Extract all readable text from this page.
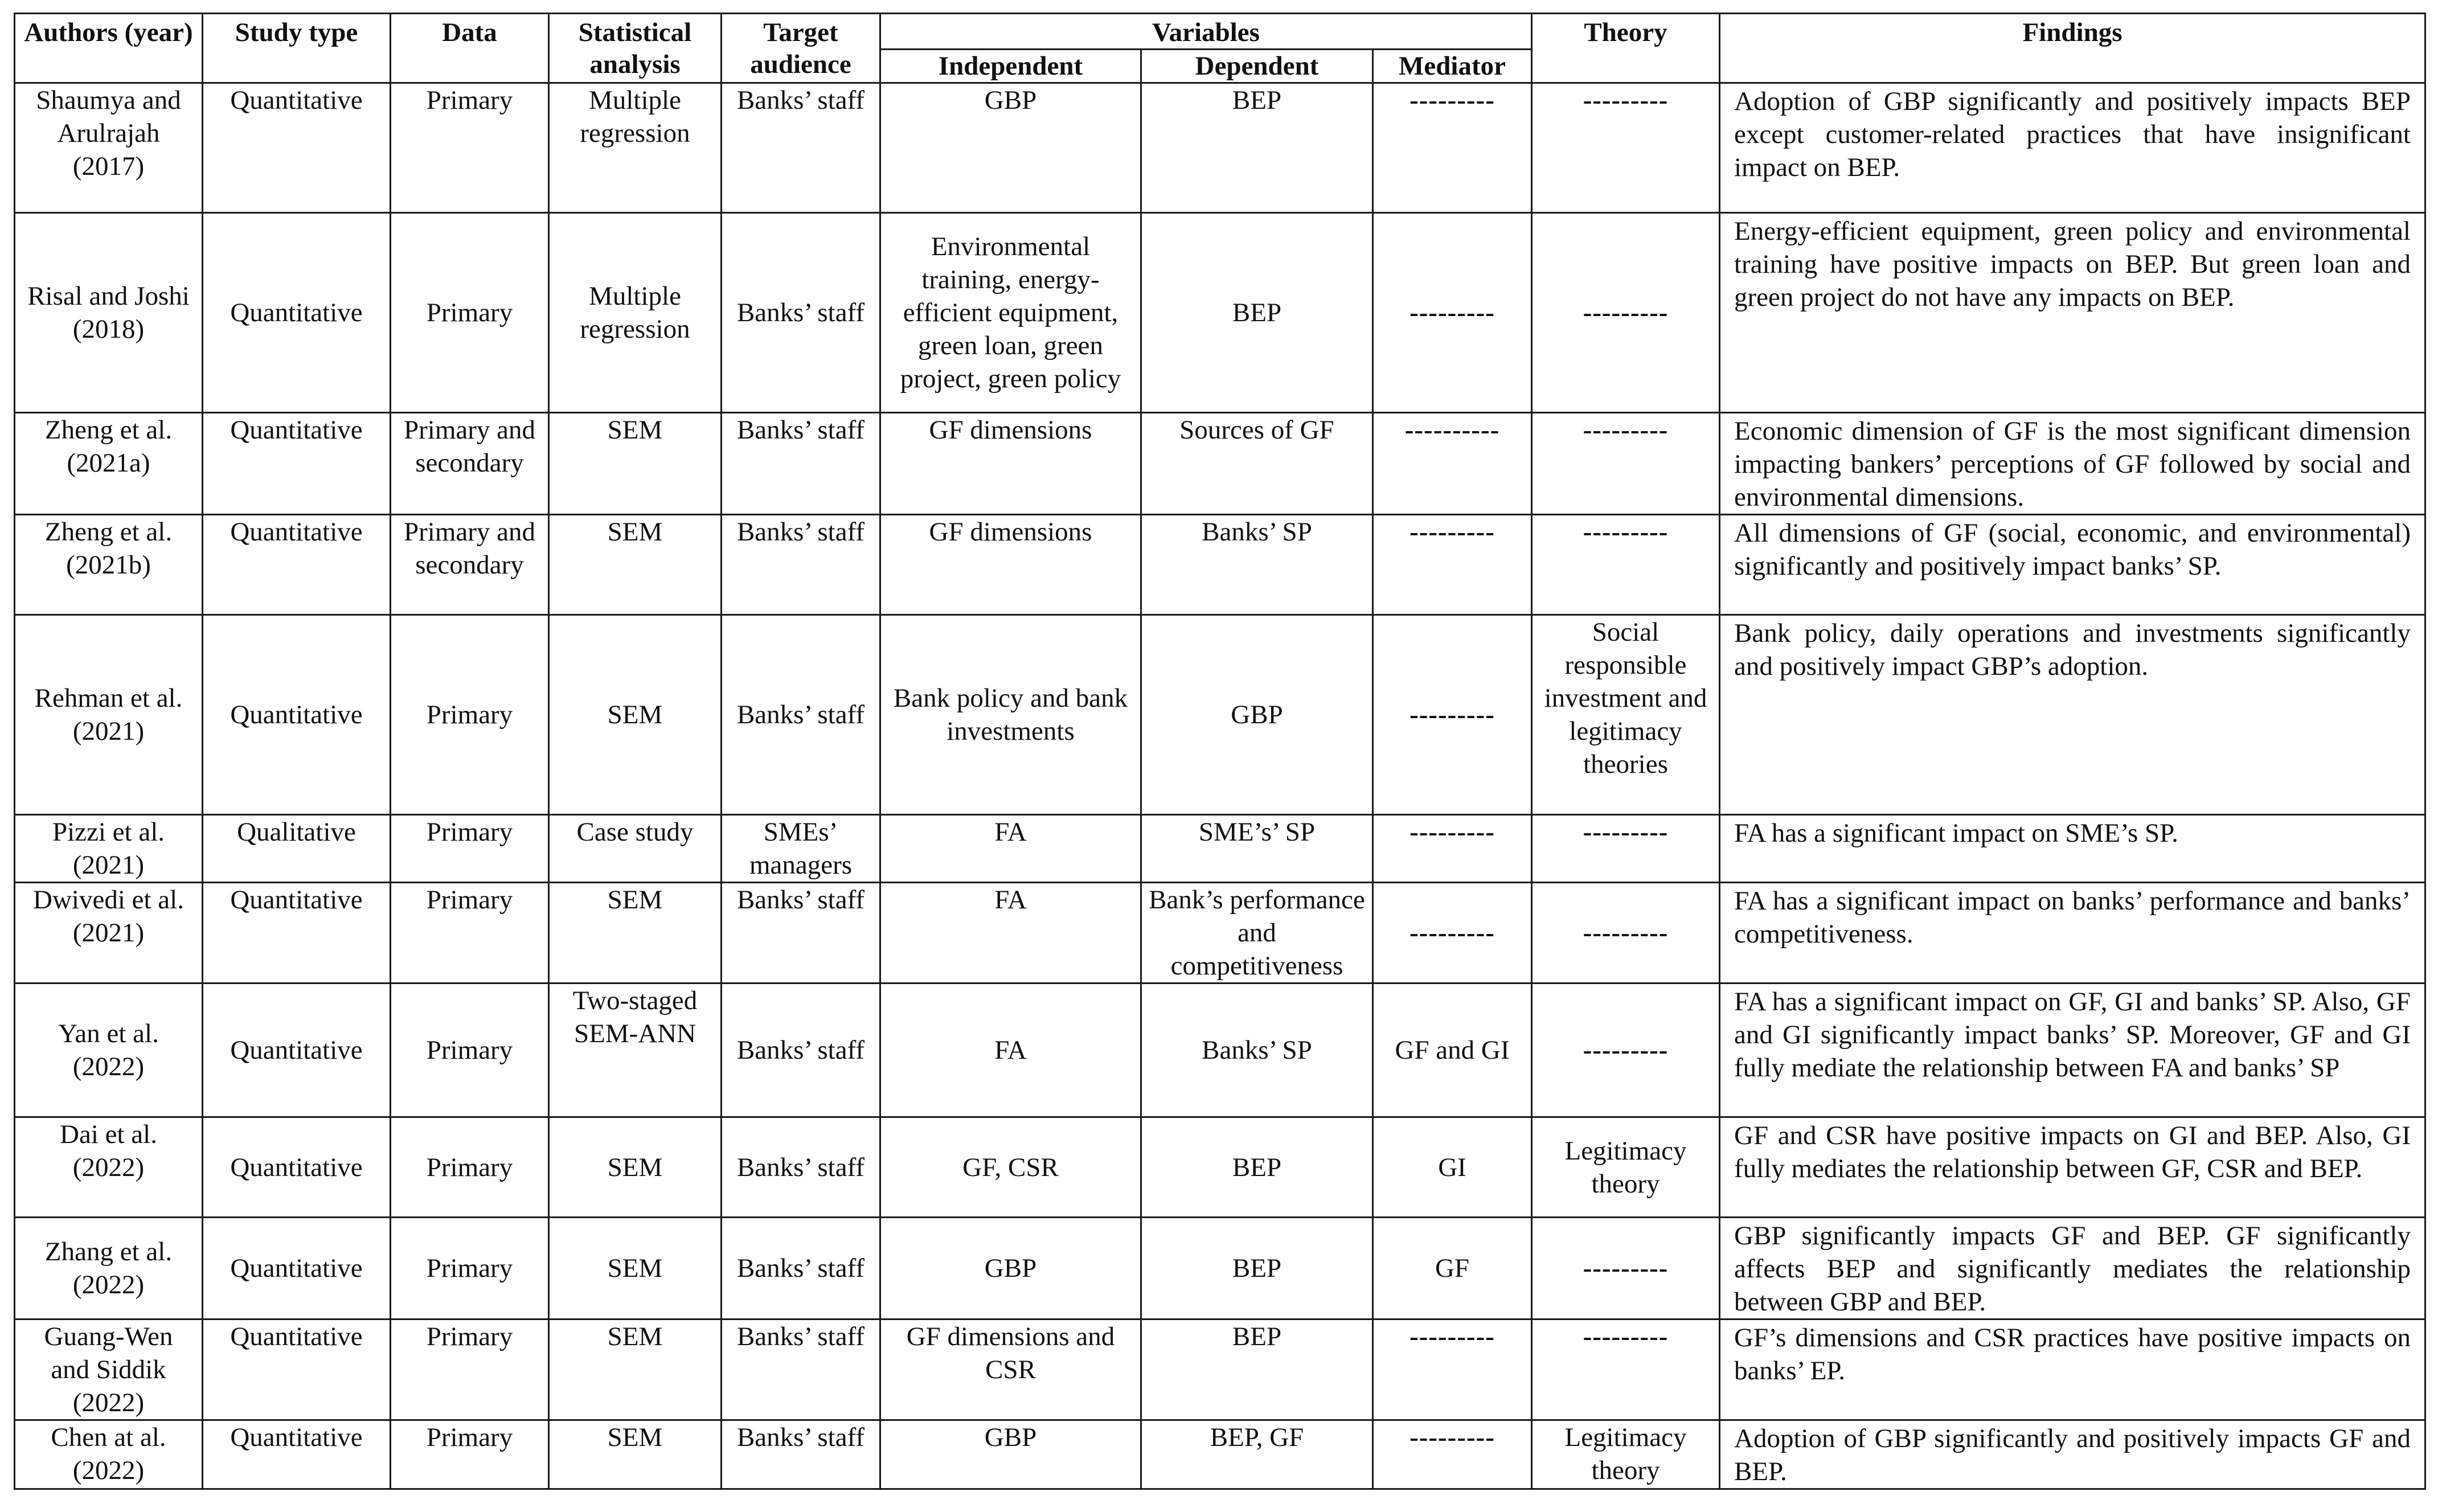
Authors (year)	Study type	Data	Statistical analysis	Target audience	Variables			Theory	Findings
					Independent	Dependent	Mediator		
Shaumya and Arulrajah (2017)	Quantitative	Primary	Multiple regression	Banks’ staff	GBP	BEP	---------	---------	Adoption of GBP significantly and positively impacts BEP except customer-related practices that have insignificant impact on BEP.
Risal and Joshi (2018)	Quantitative	Primary	Multiple regression	Banks’ staff	Environmental training, energy-efficient equipment, green loan, green project, green policy	BEP	---------	---------	Energy-efficient equipment, green policy and environmental training have positive impacts on BEP. But green loan and green project do not have any impacts on BEP.
Zheng et al. (2021a)	Quantitative	Primary and secondary	SEM	Banks’ staff	GF dimensions	Sources of GF	----------	---------	Economic dimension of GF is the most significant dimension impacting bankers’ perceptions of GF followed by social and environmental dimensions.
Zheng et al. (2021b)	Quantitative	Primary and secondary	SEM	Banks’ staff	GF dimensions	Banks’ SP	---------	---------	All dimensions of GF (social, economic, and environmental) significantly and positively impact banks’ SP.
Rehman et al. (2021)	Quantitative	Primary	SEM	Banks’ staff	Bank policy and bank investments	GBP	---------	Social responsible investment and legitimacy theories	Bank policy, daily operations and investments significantly and positively impact GBP’s adoption.
Pizzi et al. (2021)	Qualitative	Primary	Case study	SMEs’ managers	FA	SME’s’ SP	---------	---------	FA has a significant impact on SME’s SP.
Dwivedi et al. (2021)	Quantitative	Primary	SEM	Banks’ staff	FA	Bank’s performance and competitiveness	---------	---------	FA has a significant impact on banks’ performance and banks’ competitiveness.
Yan et al. (2022)	Quantitative	Primary	Two-staged SEM-ANN	Banks’ staff	FA	Banks’ SP	GF and GI	---------	FA has a significant impact on GF, GI and banks’ SP. Also, GF and GI significantly impact banks’ SP. Moreover, GF and GI fully mediate the relationship between FA and banks’ SP
Dai et al. (2022)	Quantitative	Primary	SEM	Banks’ staff	GF, CSR	BEP	GI	Legitimacy theory	GF and CSR have positive impacts on GI and BEP. Also, GI fully mediates the relationship between GF, CSR and BEP.
Zhang et al. (2022)	Quantitative	Primary	SEM	Banks’ staff	GBP	BEP	GF	---------	GBP significantly impacts GF and BEP. GF significantly affects BEP and significantly mediates the relationship between GBP and BEP.
Guang-Wen and Siddik (2022)	Quantitative	Primary	SEM	Banks’ staff	GF dimensions and CSR	BEP	---------	---------	GF’s dimensions and CSR practices have positive impacts on banks’ EP.
Chen at al. (2022)	Quantitative	Primary	SEM	Banks’ staff	GBP	BEP, GF	---------	Legitimacy theory	Adoption of GBP significantly and positively impacts GF and BEP.
